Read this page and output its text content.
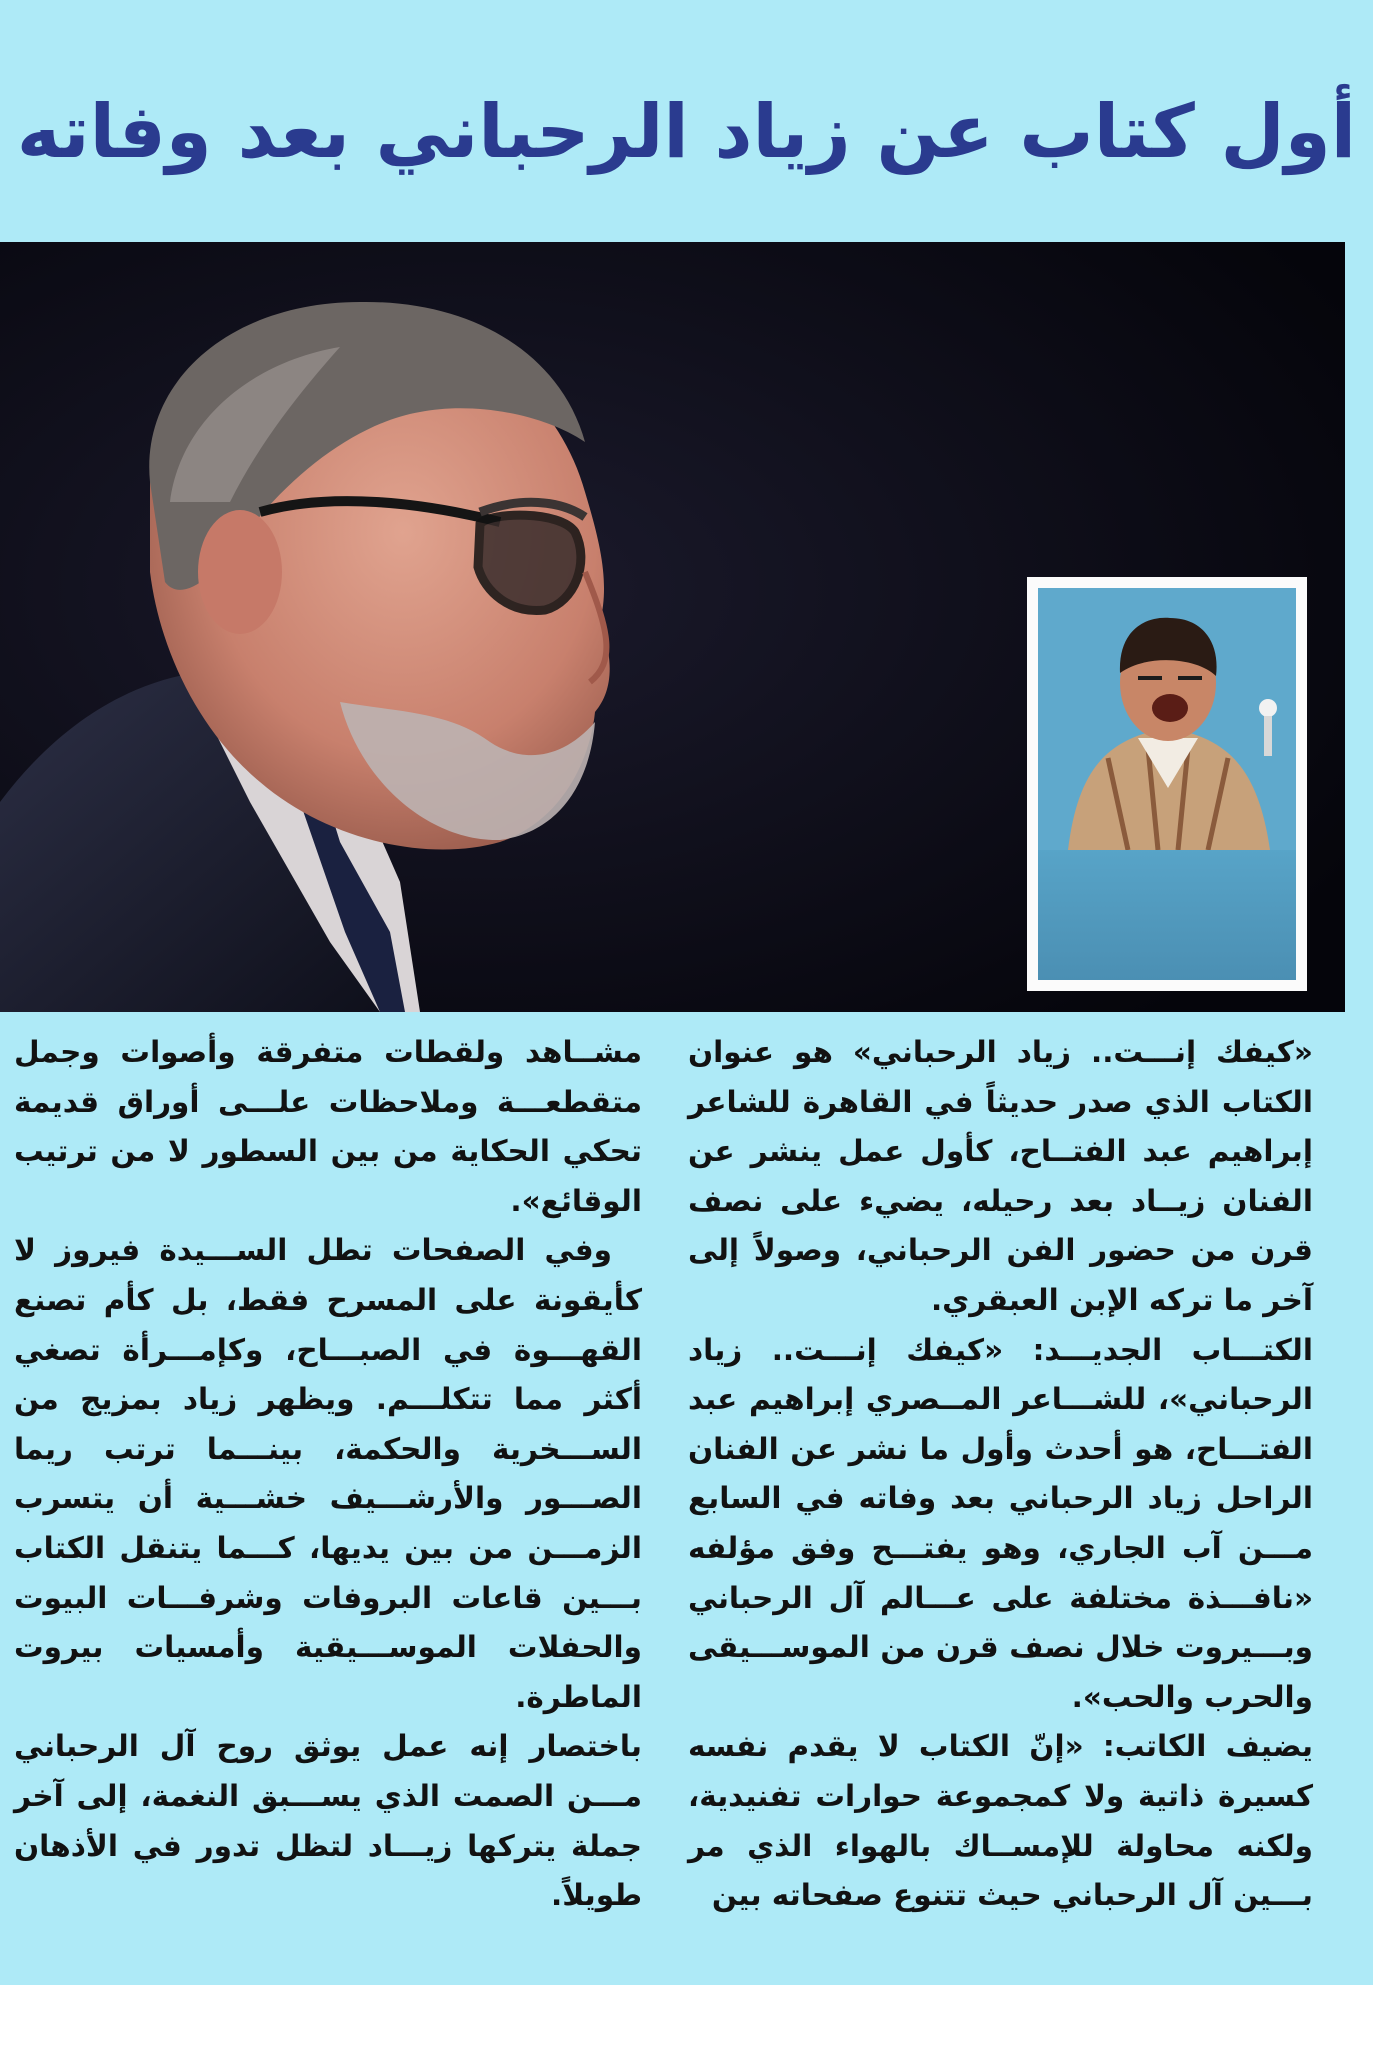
أول كتاب عن زياد الرحباني بعد وفاته

«كيفك إنـــت.. زياد الرحباني» هو عنوان الكتاب الذي صدر حديثاً في القاهرة للشاعر إبراهيم عبد الفتــاح، كأول عمل ينشر عن الفنان زيــاد بعد رحيله، يضيء على نصف قرن من حضور الفن الرحباني، وصولاً إلى آخر ما تركه الإبن العبقري.

الكتـــاب الجديـــد: «كيفك إنـــت.. زياد الرحباني»، للشـــاعر المــصري إبراهيم عبد الفتـــاح، هو أحدث وأول ما نشر عن الفنان الراحل زياد الرحباني بعد وفاته في السابع مـــن آب الجاري، وهو يفتـــح وفق مؤلفه «نافـــذة مختلفة على عـــالم آل الرحباني وبـــيروت خلال نصف قرن من الموســـيقى والحرب والحب».

يضيف الكاتب: «إنّ الكتاب لا يقدم نفسه كسيرة ذاتية ولا كمجموعة حوارات تفنيدية، ولكنه محاولة للإمســاك بالهواء الذي مر بـــين آل الرحباني حيث تتنوع صفحاته بين

مشــاهد ولقطات متفرقة وأصوات وجمل متقطعـــة وملاحظات علـــى أوراق قديمة تحكي الحكاية من بين السطور لا من ترتيب الوقائع».

وفي الصفحات تطل الســـيدة فيروز لا كأيقونة على المسرح فقط، بل كأم تصنع القهـــوة في الصبـــاح، وكإمـــرأة تصغي أكثر مما تتكلـــم. ويظهر زياد بمزيج من الســـخرية والحكمة، بينـــما ترتب ريما الصـــور والأرشـــيف خشـــية أن يتسرب الزمـــن من بين يديها، كـــما يتنقل الكتاب بـــين قاعات البروفات وشرفـــات البيوت والحفلات الموســـيقية وأمسيات بيروت الماطرة.

باختصار إنه عمل يوثق روح آل الرحباني مـــن الصمت الذي يســـبق النغمة، إلى آخر جملة يتركها زيـــاد لتظل تدور في الأذهان طويلاً.
